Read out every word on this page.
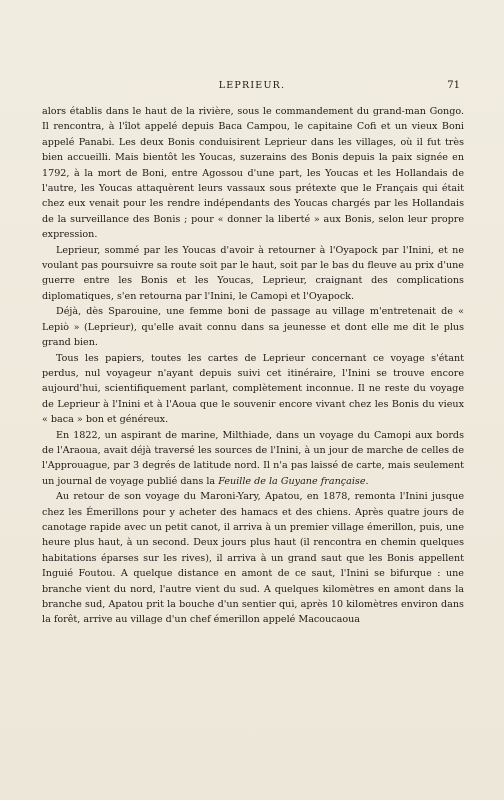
LEPRIEUR.	71

alors établis dans le haut de la rivière, sous le commandement du grand-man Gongo. Il rencontra, à l'îlot appelé depuis Baca Campou, le capitaine Cofi et un vieux Boni appelé Panabi. Les deux Bonis conduisirent Leprieur dans les villages, où il fut très bien accueilli. Mais bientôt les Youcas, suzerains des Bonis depuis la paix signée en 1792, à la mort de Boni, entre Agossou d'une part, les Youcas et les Hollandais de l'autre, les Youcas attaquèrent leurs vassaux sous prétexte que le Français qui était chez eux venait pour les rendre indépendants des Youcas chargés par les Hollandais de la surveillance des Bonis ; pour « donner la liberté » aux Bonis, selon leur propre expression.

Leprieur, sommé par les Youcas d'avoir à retourner à l'Oyapock par l'Inini, et ne voulant pas poursuivre sa route soit par le haut, soit par le bas du fleuve au prix d'une guerre entre les Bonis et les Youcas, Leprieur, craignant des complications diplomatiques, s'en retourna par l'Inini, le Camopi et l'Oyapock.

Déjà, dès Sparouine, une femme boni de passage au village m'entretenait de « Lepiò » (Leprieur), qu'elle avait connu dans sa jeunesse et dont elle me dit le plus grand bien.

Tous les papiers, toutes les cartes de Leprieur concernant ce voyage s'étant perdus, nul voyageur n'ayant depuis suivi cet itinéraire, l'Inini se trouve encore aujourd'hui, scientifiquement parlant, complètement inconnue. Il ne reste du voyage de Leprieur à l'Inini et à l'Aoua que le souvenir encore vivant chez les Bonis du vieux « baca » bon et généreux.

En 1822, un aspirant de marine, Milthiade, dans un voyage du Camopi aux bords de l'Araoua, avait déjà traversé les sources de l'Inini, à un jour de marche de celles de l'Approuague, par 3 degrés de latitude nord. Il n'a pas laissé de carte, mais seulement un journal de voyage publié dans la Feuille de la Guyane française.

Au retour de son voyage du Maroni-Yary, Apatou, en 1878, remonta l'Inini jusque chez les Émerillons pour y acheter des hamacs et des chiens. Après quatre jours de canotage rapide avec un petit canot, il arriva à un premier village émerillon, puis, une heure plus haut, à un second. Deux jours plus haut (il rencontra en chemin quelques habitations éparses sur les rives), il arriva à un grand saut que les Bonis appellent Inguié Foutou. A quelque distance en amont de ce saut, l'Inini se bifurque : une branche vient du nord, l'autre vient du sud. A quelques kilomètres en amont dans la branche sud, Apatou prit la bouche d'un sentier qui, après 10 kilomètres environ dans la forêt, arrive au village d'un chef émerillon appelé Macoucaoua
